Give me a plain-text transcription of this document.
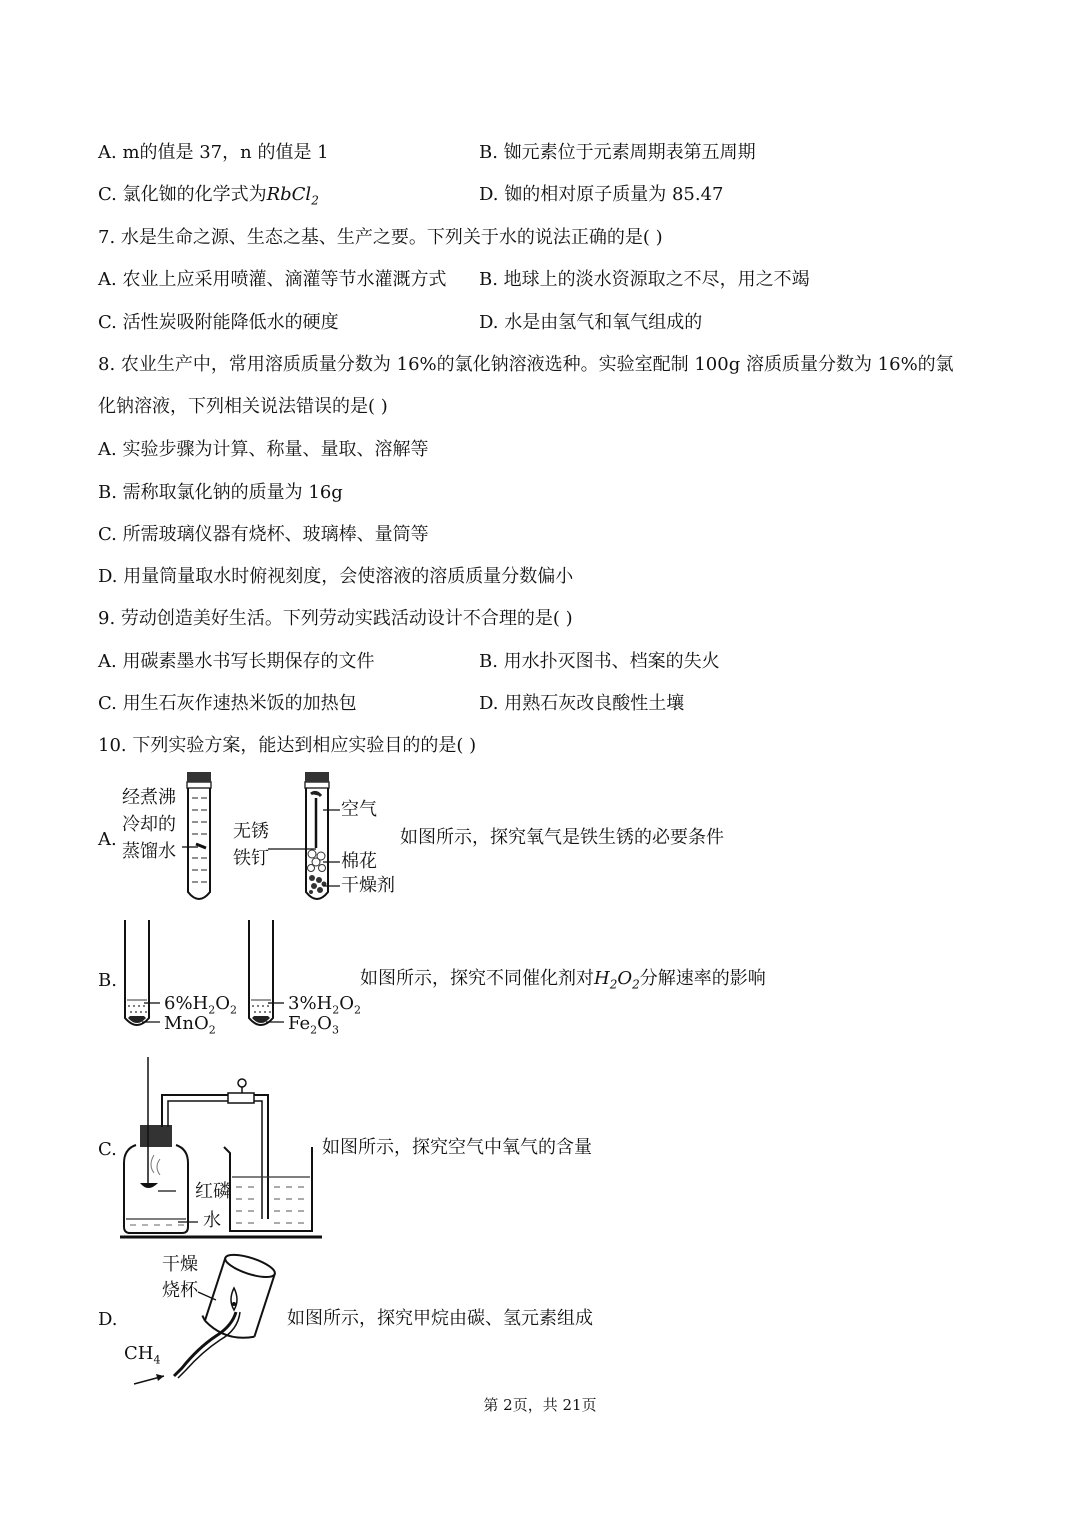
A. m的值是 37，n 的值是 1	B. 铷元素位于元素周期表第五周期
C. 氯化铷的化学式为RbCl$_2$	D. 铷的相对原子质量为 85.47
7. 水是生命之源、生态之基、生产之要。下列关于水的说法正确的是( )
A. 农业上应采用喷灌、滴灌等节水灌溉方式 B. 地球上的淡水资源取之不尽，用之不竭
C. 活性炭吸附能降低水的硬度	D. 水是由氢气和氧气组成的
8. 农业生产中，常用溶质质量分数为 16%的氯化钠溶液选种。实验室配制 100g 溶质质量分数为 16%的氯
化钠溶液，下列相关说法错误的是( )
A. 实验步骤为计算、称量、量取、溶解等
B. 需称取氯化钠的质量为 16g
C. 所需玻璃仪器有烧杯、玻璃棒、量筒等
D. 用量筒量取水时俯视刻度，会使溶液的溶质质量分数偏小
9. 劳动创造美好生活。下列劳动实践活动设计不合理的是( )
A. 用碳素墨水书写长期保存的文件	B. 用水扑灭图书、档案的失火
C. 用生石灰作速热米饭的加热包	D. 用熟石灰改良酸性土壤
10. 下列实验方案，能达到相应实验目的的是( )
A.
经煮沸
冷却的
蒸馏水
无锈
铁钉
空气
棉花
干燥剂
如图所示，探究氧气是铁生锈的必要条件
B.
$6\%H_2O_2$
MnO$_2$
$3\%H_2O_2$
$Fe_2O_3$
如图所示，探究不同催化剂对$H_2O_2$分解速率的影响
C.
红磷
水
如图所示，探究空气中氧气的含量
D.
干燥
烧杯
$CH_4$
如图所示，探究甲烷由碳、氢元素组成
第 2页，共 21页
